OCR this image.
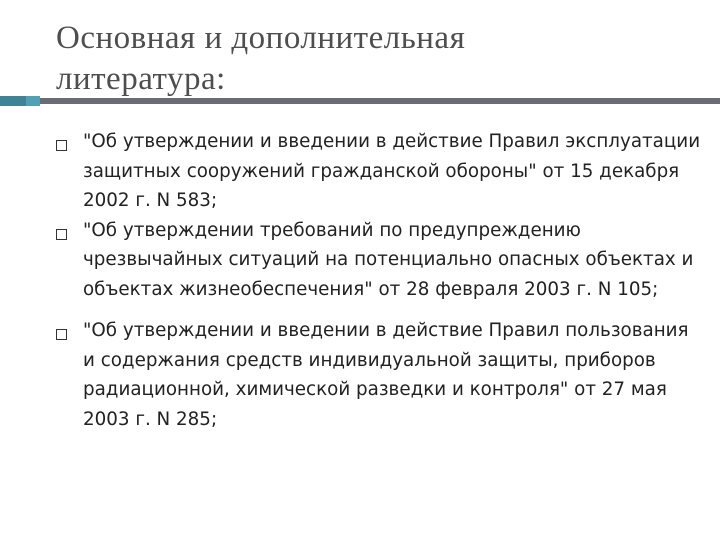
Основная и дополнительная
литература:
"Об утверждении и введении в действие Правил эксплуатации защитных сооружений гражданской обороны" от 15 декабря 2002 г. N 583;
"Об утверждении требований по предупреждению чрезвычайных ситуаций на потенциально опасных объектах и объектах жизнеобеспечения" от 28 февраля 2003 г. N 105;
"Об утверждении и введении в действие Правил пользования и содержания средств индивидуальной защиты, приборов радиационной, химической разведки и контроля" от 27 мая 2003 г. N 285;
